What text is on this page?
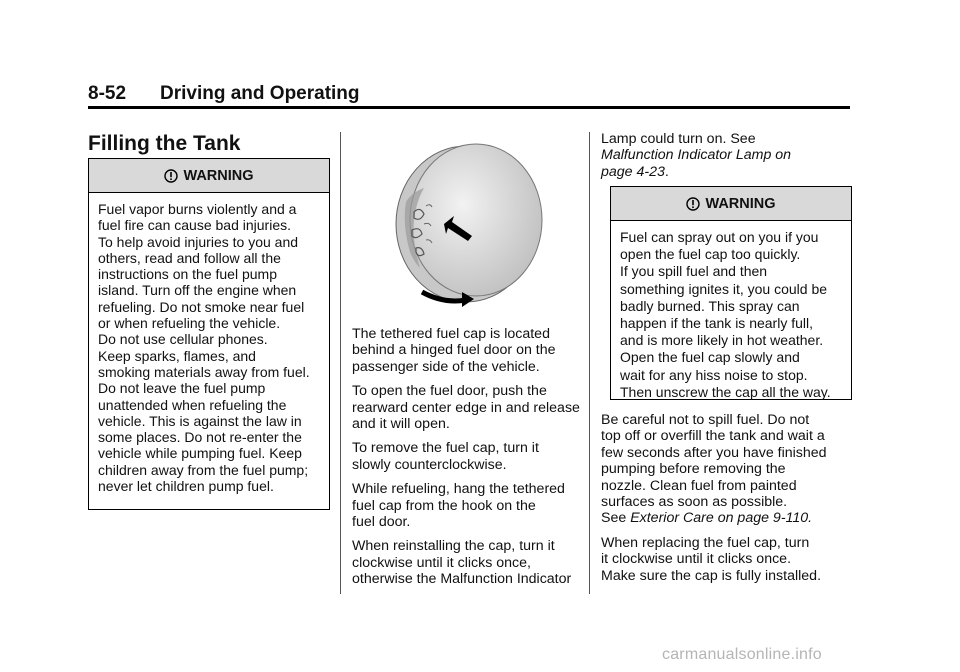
8-52 Driving and Operating
Filling the Tank
WARNING

Fuel vapor burns violently and a

fuel fire can cause bad injuries.

To help avoid injuries to you and

others, read and follow all the

instructions on the fuel pump

island. Turn off the engine when

refueling. Do not smoke near fuel

or when refueling the vehicle.

Do not use cellular phones.

Keep sparks, flames, and

smoking materials away from fuel.

Do not leave the fuel pump

unattended when refueling the

vehicle. This is against the law in

some places. Do not re-enter the

vehicle while pumping fuel. Keep

children away from the fuel pump;

never let children pump fuel.

The tethered fuel cap is located
behind a hinged fuel door on the
passenger side of the vehicle.

To open the fuel door, push the
rearward center edge in and release
and it will open.

To remove the fuel cap, turn it
slowly counterclockwise.

While refueling, hang the tethered
fuel cap from the hook on the
fuel door.

When reinstalling the cap, turn it
clockwise until it clicks once,
otherwise the Malfunction Indicator

Lamp could turn on. See
Malfunction Indicator Lamp on
page 4-23.

WARNING

Fuel can spray out on you if you

open the fuel cap too quickly.

If you spill fuel and then

something ignites it, you could be

badly burned. This spray can

happen if the tank is nearly full,

and is more likely in hot weather.

Open the fuel cap slowly and

wait for any hiss noise to stop.

Then unscrew the cap all the way.

Be careful not to spill fuel. Do not
top off or overfill the tank and wait a
few seconds after you have finished
pumping before removing the
nozzle. Clean fuel from painted
surfaces as soon as possible.
See Exterior Care on page 9-110.

When replacing the fuel cap, turn
it clockwise until it clicks once.
Make sure the cap is fully installed.

carmanualsonline.info
